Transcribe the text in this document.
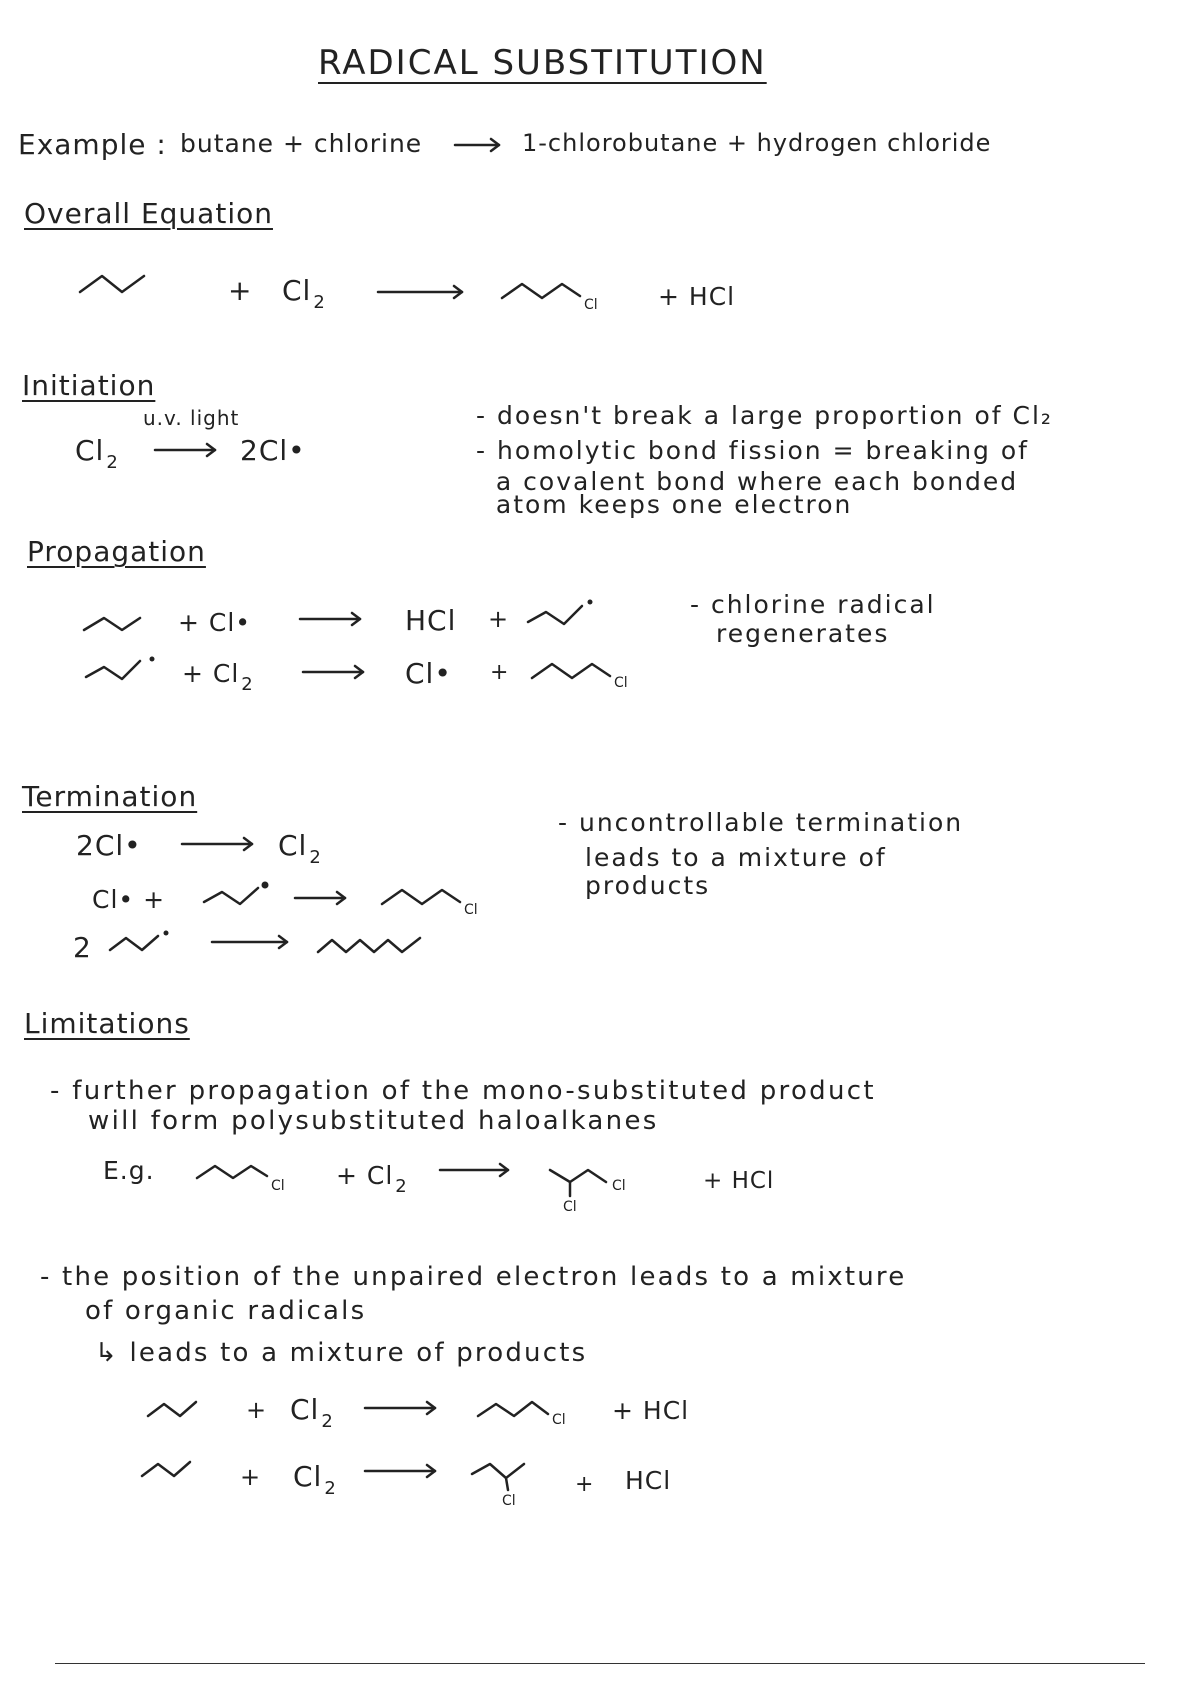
RADICAL SUBSTITUTION
Example : butane + chlorine → 1-chlorobutane + hydrogen chloride
Overall Equation
+ Cl $_2$	Cl + HCl
Initiation
u.v. light
Cl $_2$	2Cl•
- doesn't break a large proportion of Cl₂
- homolytic bond fission = breaking of
a covalent bond where each bonded
atom keeps one electron
Propagation
+ Cl•	HCl +	- chlorine radical
regenerates
+ Cl $_2$	Cl• +	Cl
Termination
2Cl•	Cl $_2$
- uncontrollable termination
leads to a mixture of
products
Cl• +	Cl
2
Limitations
- further propagation of the mono-substituted product
will form polysubstituted haloalkanes
E.g.
Cl + Cl $_2$
Cl
Cl	+ HCl
- the position of the unpaired electron leads to a mixture
of organic radicals
↳ leads to a mixture of products
+ Cl $_2$	Cl + HCl
+ Cl $_2$
Cl
+ HCl
